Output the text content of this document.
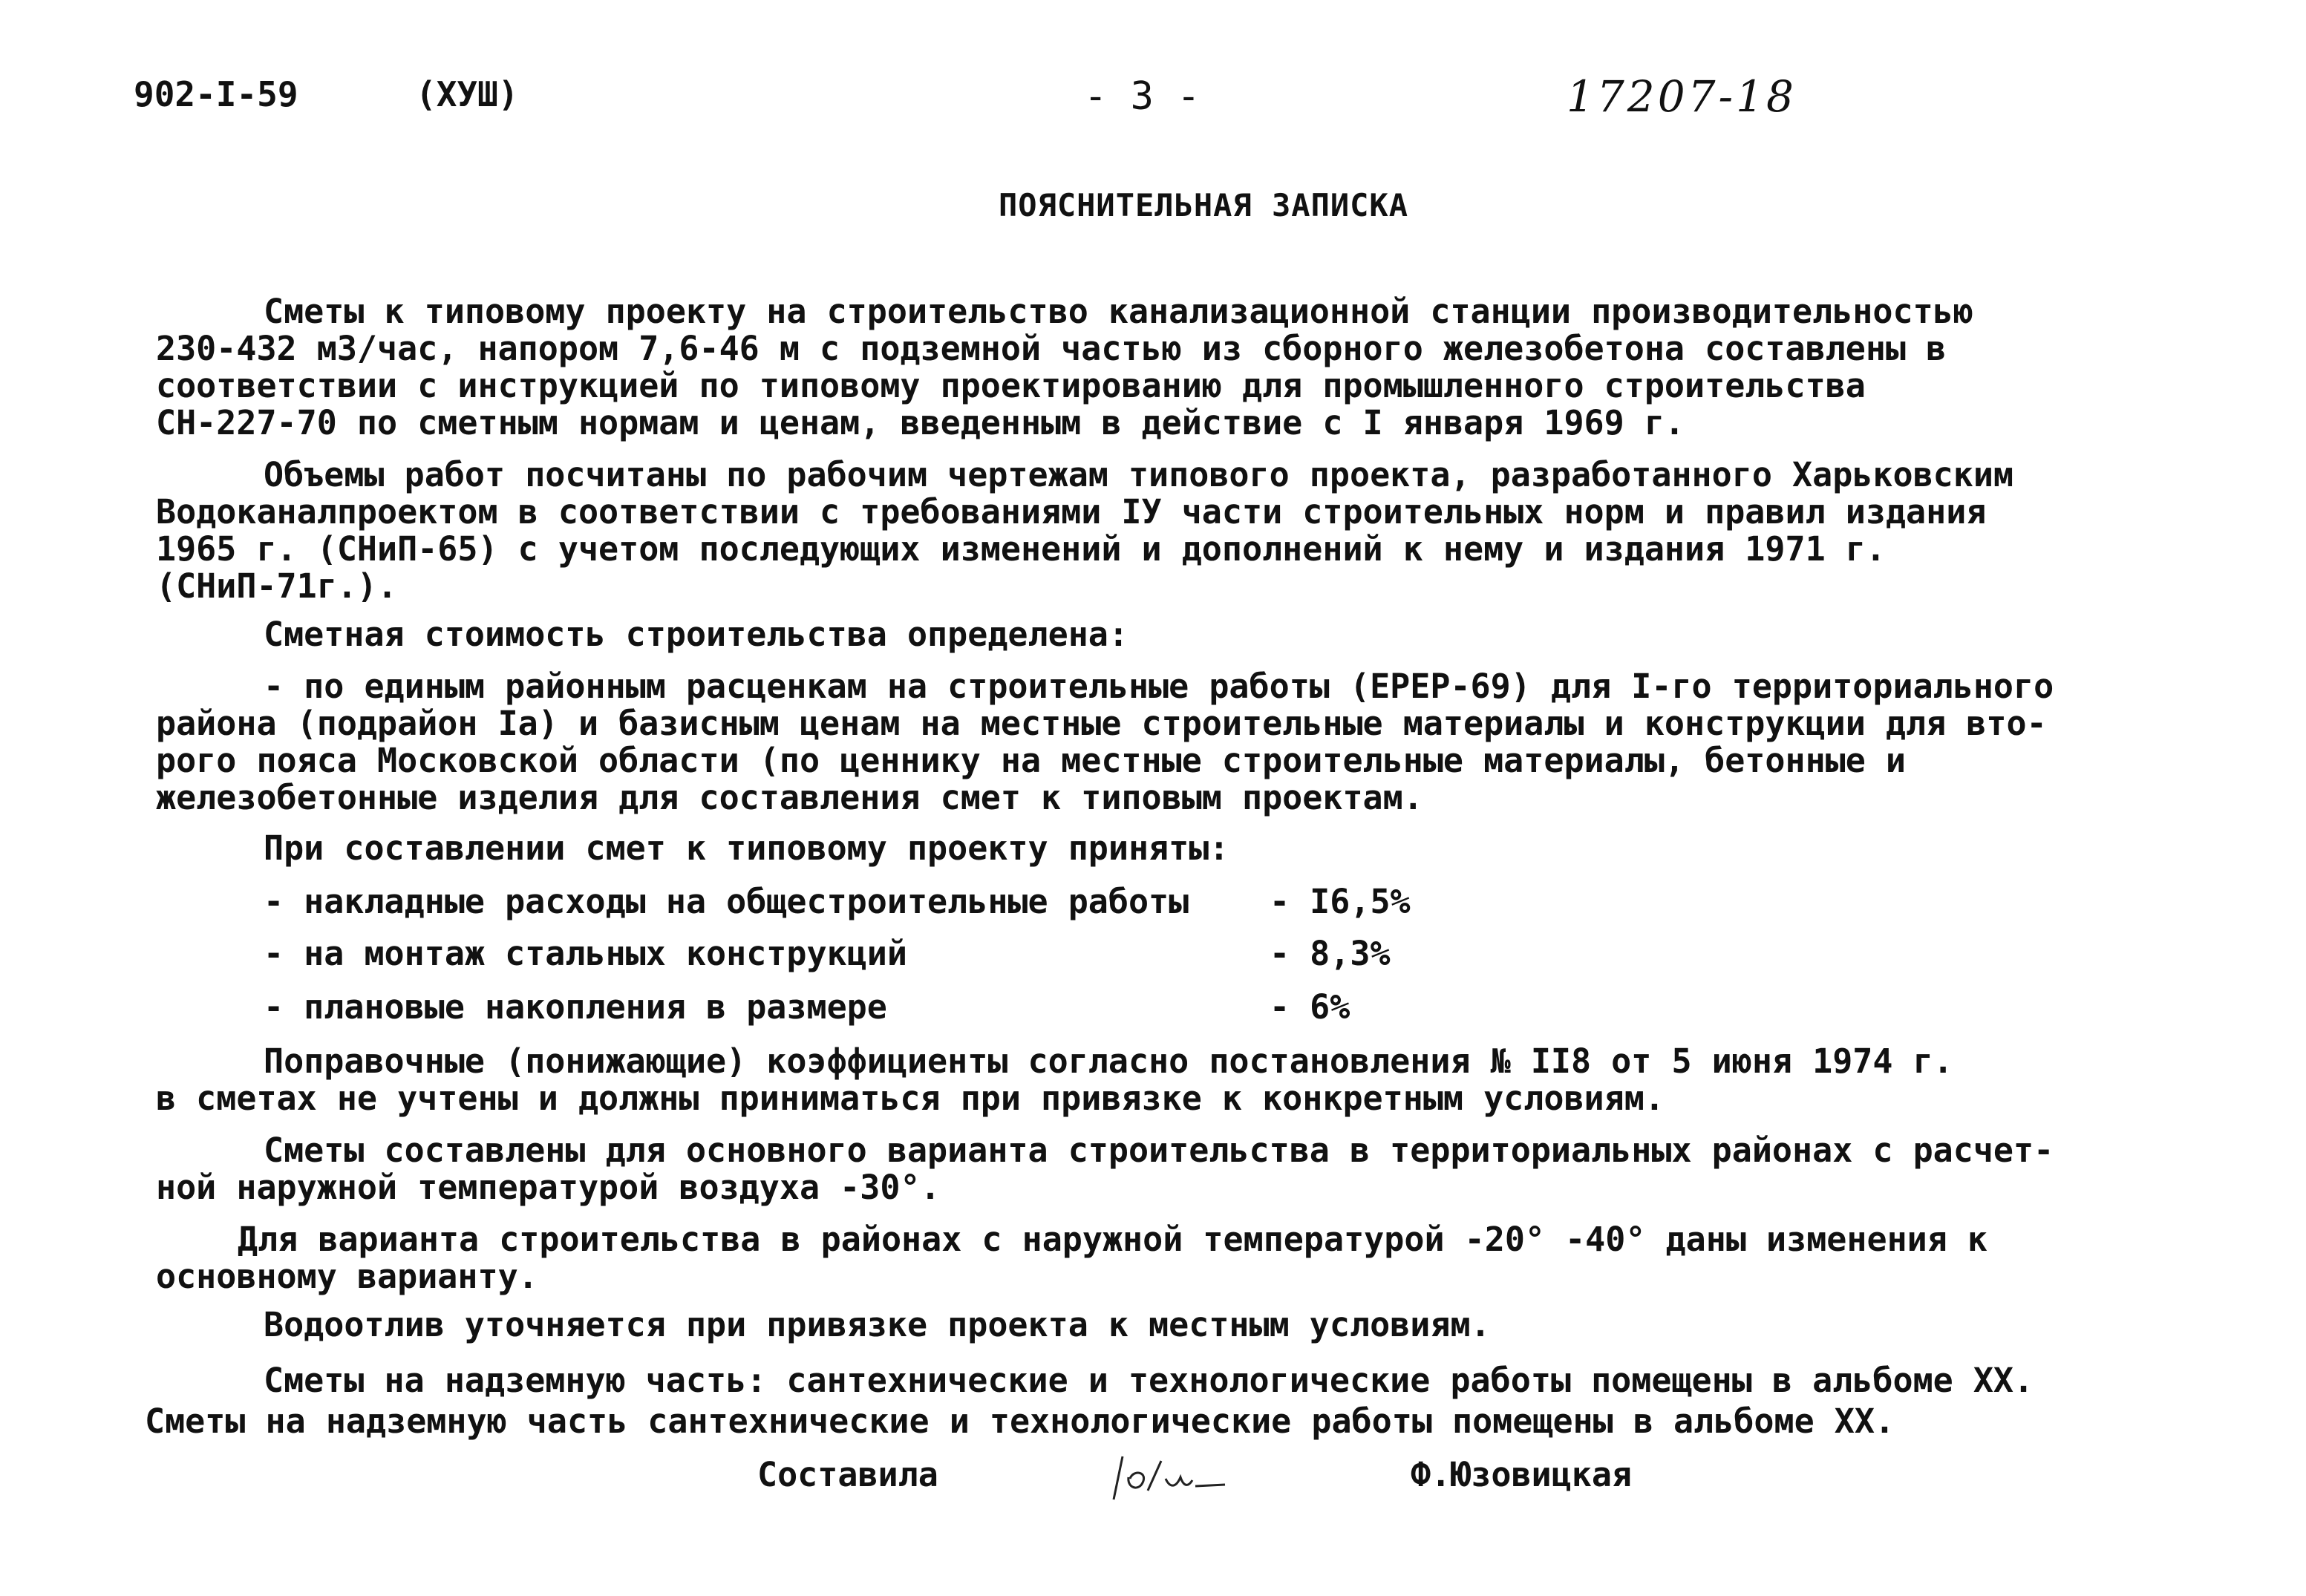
902-I-59	(ХУШ)	- 3 -	17207-18
ПОЯСНИТЕЛЬНАЯ ЗАПИСКА
Сметы к типовому проекту на строительство канализационной станции производительностью
230-432 м3/час, напором 7,6-46 м с подземной частью из сборного железобетона составлены в
соответствии с инструкцией по типовому проектированию для промышленного строительства
СН-227-70 по сметным нормам и ценам, введенным в действие с I января 1969 г.
Объемы работ посчитаны по рабочим чертежам типового проекта, разработанного Харьковским
Водоканалпроектом в соответствии с требованиями IУ части строительных норм и правил издания
1965 г. (СНиП-65) с учетом последующих изменений и дополнений к нему и издания 1971 г.
(СНиП-71г.).
Сметная стоимость строительства определена:
- по единым районным расценкам на строительные работы (ЕРЕР-69) для I-го территориального
района (подрайон Iа) и базисным ценам на местные строительные материалы и конструкции для вто-
рого пояса Московской области (по ценнику на местные строительные материалы, бетонные и
железобетонные изделия для составления смет к типовым проектам.
При составлении смет к типовому проекту приняты:
- накладные расходы на общестроительные работы - I6,5%
- на монтаж стальных конструкций	- 8,3%
- плановые накопления в размере	- 6%
Поправочные (понижающие) коэффициенты согласно постановления № II8 от 5 июня 1974 г.
в сметах не учтены и должны приниматься при привязке к конкретным условиям.
Сметы составлены для основного варианта строительства в территориальных районах с расчет-
ной наружной температурой воздуха -30°.
Для варианта строительства в районах с наружной температурой -20° -40° даны изменения к
основному варианту.
Водоотлив уточняется при привязке проекта к местным условиям.
Сметы на надземную часть: сантехнические и технологические работы помещены в альбоме ХХ.
Сметы на надземную часть сантехнические и технологические работы помещены в альбоме ХХ.
Составила	Ф.Юзовицкая
